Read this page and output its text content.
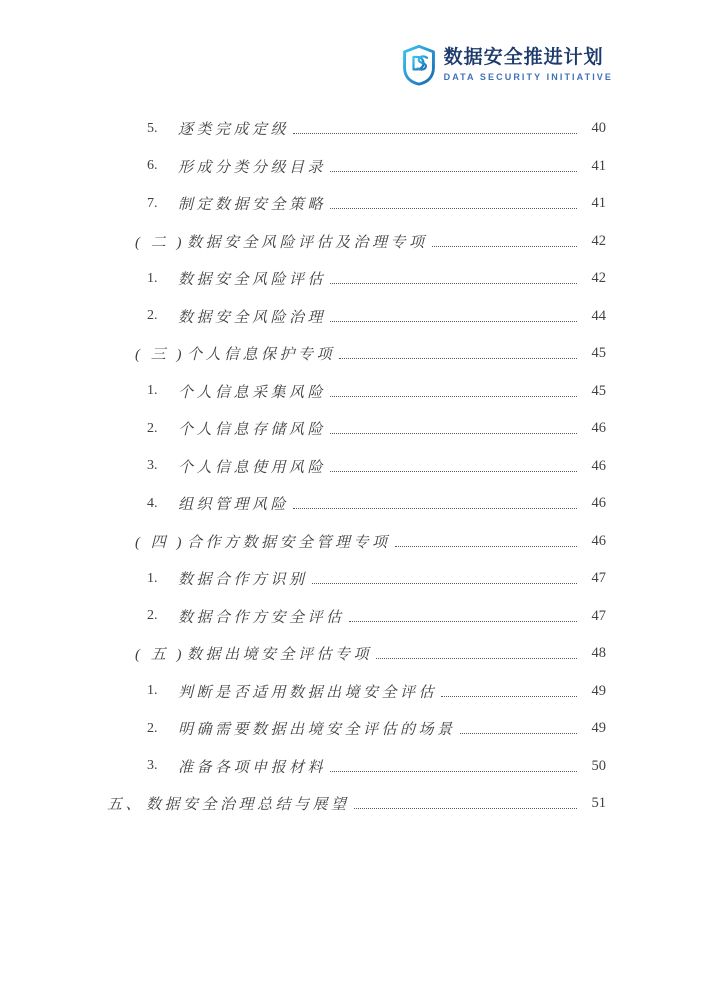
数据安全推进计划
DATA SECURITY INITIATIVE
5.	逐类完成定级	40
6.	形成分类分级目录	41
7.	制定数据安全策略	41
( 二 ) 数据安全风险评估及治理专项	42
1.	数据安全风险评估	42
2.	数据安全风险治理	44
( 三 ) 个人信息保护专项	45
1.	个人信息采集风险	45
2.	个人信息存储风险	46
3.	个人信息使用风险	46
4.	组织管理风险	46
( 四 ) 合作方数据安全管理专项	46
1.	数据合作方识别	47
2.	数据合作方安全评估	47
( 五 ) 数据出境安全评估专项	48
1.	判断是否适用数据出境安全评估	49
2.	明确需要数据出境安全评估的场景	49
3.	准备各项申报材料	50
五、 数据安全治理总结与展望	51
